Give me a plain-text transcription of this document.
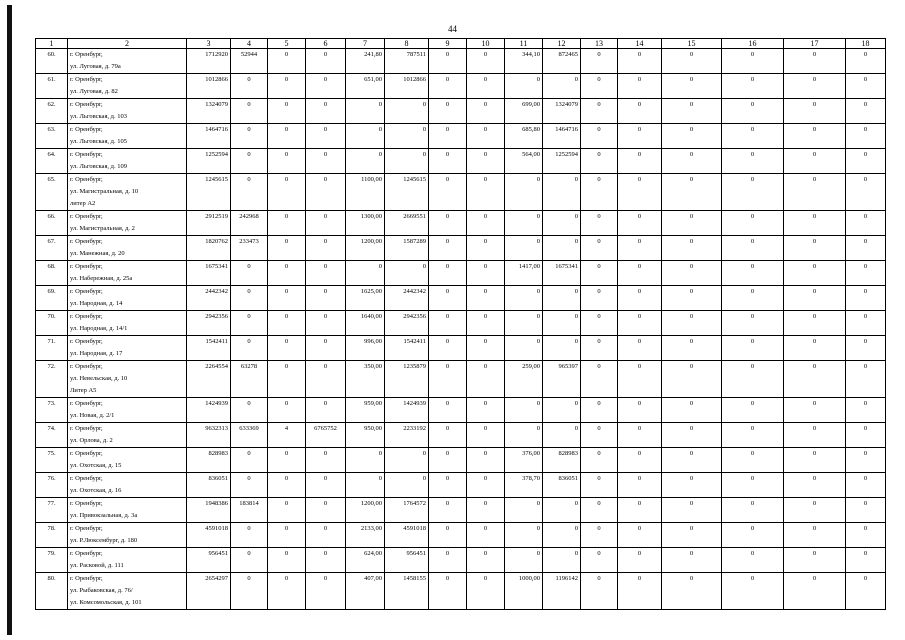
44
1	2	3	4	5	6	7	8	9	10	11	12	13	14	15	16	17	18
60.	г. Оренбург,
ул. Луговая, д. 79а	1712920	52944	0	0	241,80	787511	0	0	344,10	872465	0	0	0	0	0	0
61.	г. Оренбург,
ул. Луговая, д. 82	1012866	0	0	0	651,00	1012866	0	0	0	0	0	0	0	0	0	0
62.	г. Оренбург,
ул. Льговская, д. 103	1324079	0	0	0	0	0	0	0	699,00	1324079	0	0	0	0	0	0
63.	г. Оренбург,
ул. Льговская, д. 105	1464716	0	0	0	0	0	0	0	685,80	1464716	0	0	0	0	0	0
64.	г. Оренбург,
ул. Льговская, д. 109	1252594	0	0	0	0	0	0	0	564,00	1252594	0	0	0	0	0	0
65.	г. Оренбург,
ул. Магистральная, д. 10
литер А2	1245615	0	0	0	1100,00	1245615	0	0	0	0	0	0	0	0	0	0
66.	г. Оренбург,
ул. Магистральная, д. 2	2912519	242968	0	0	1300,00	2669551	0	0	0	0	0	0	0	0	0	0
67.	г. Оренбург,
ул. Манежная, д. 20	1820762	233473	0	0	1200,00	1587289	0	0	0	0	0	0	0	0	0	0
68.	г. Оренбург,
ул. Набережная, д. 25а	1675341	0	0	0	0	0	0	0	1417,00	1675341	0	0	0	0	0	0
69.	г. Оренбург,
ул. Народная, д. 14	2442342	0	0	0	1625,00	2442342	0	0	0	0	0	0	0	0	0	0
70.	г. Оренбург,
ул. Народная, д. 14/1	2942356	0	0	0	1640,00	2942356	0	0	0	0	0	0	0	0	0	0
71.	г. Оренбург,
ул. Народная, д. 17	1542411	0	0	0	996,00	1542411	0	0	0	0	0	0	0	0	0	0
72.	г. Оренбург,
ул. Невельская, д. 10
Литер А5	2264554	63278	0	0	350,00	1235879	0	0	259,00	965397	0	0	0	0	0	0
73.	г. Оренбург,
ул. Новая, д. 2/1	1424939	0	0	0	959,00	1424939	0	0	0	0	0	0	0	0	0	0
74.	г. Оренбург,
ул. Орлова, д. 2	9632313	633369	4	6765752	950,00	2233192	0	0	0	0	0	0	0	0	0	0
75.	г. Оренбург,
ул. Охотская, д. 15	828983	0	0	0	0	0	0	0	376,00	828983	0	0	0	0	0	0
76.	г. Оренбург,
ул. Охотская, д. 16	836051	0	0	0	0	0	0	0	378,70	836051	0	0	0	0	0	0
77.	г. Оренбург,
ул. Привокзальная, д. 3а	1948386	183814	0	0	1200,00	1764572	0	0	0	0	0	0	0	0	0	0
78.	г. Оренбург,
ул. Р.Люксембург, д. 180	4591018	0	0	0	2133,00	4591018	0	0	0	0	0	0	0	0	0	0
79.	г. Оренбург,
ул. Расковой, д. 111	956451	0	0	0	624,00	956451	0	0	0	0	0	0	0	0	0	0
80.	г. Оренбург,
ул. Рыбаковская, д. 76/
ул. Комсомольская, д. 101	2654297	0	0	0	407,00	1458155	0	0	1000,00	1196142	0	0	0	0	0	0
